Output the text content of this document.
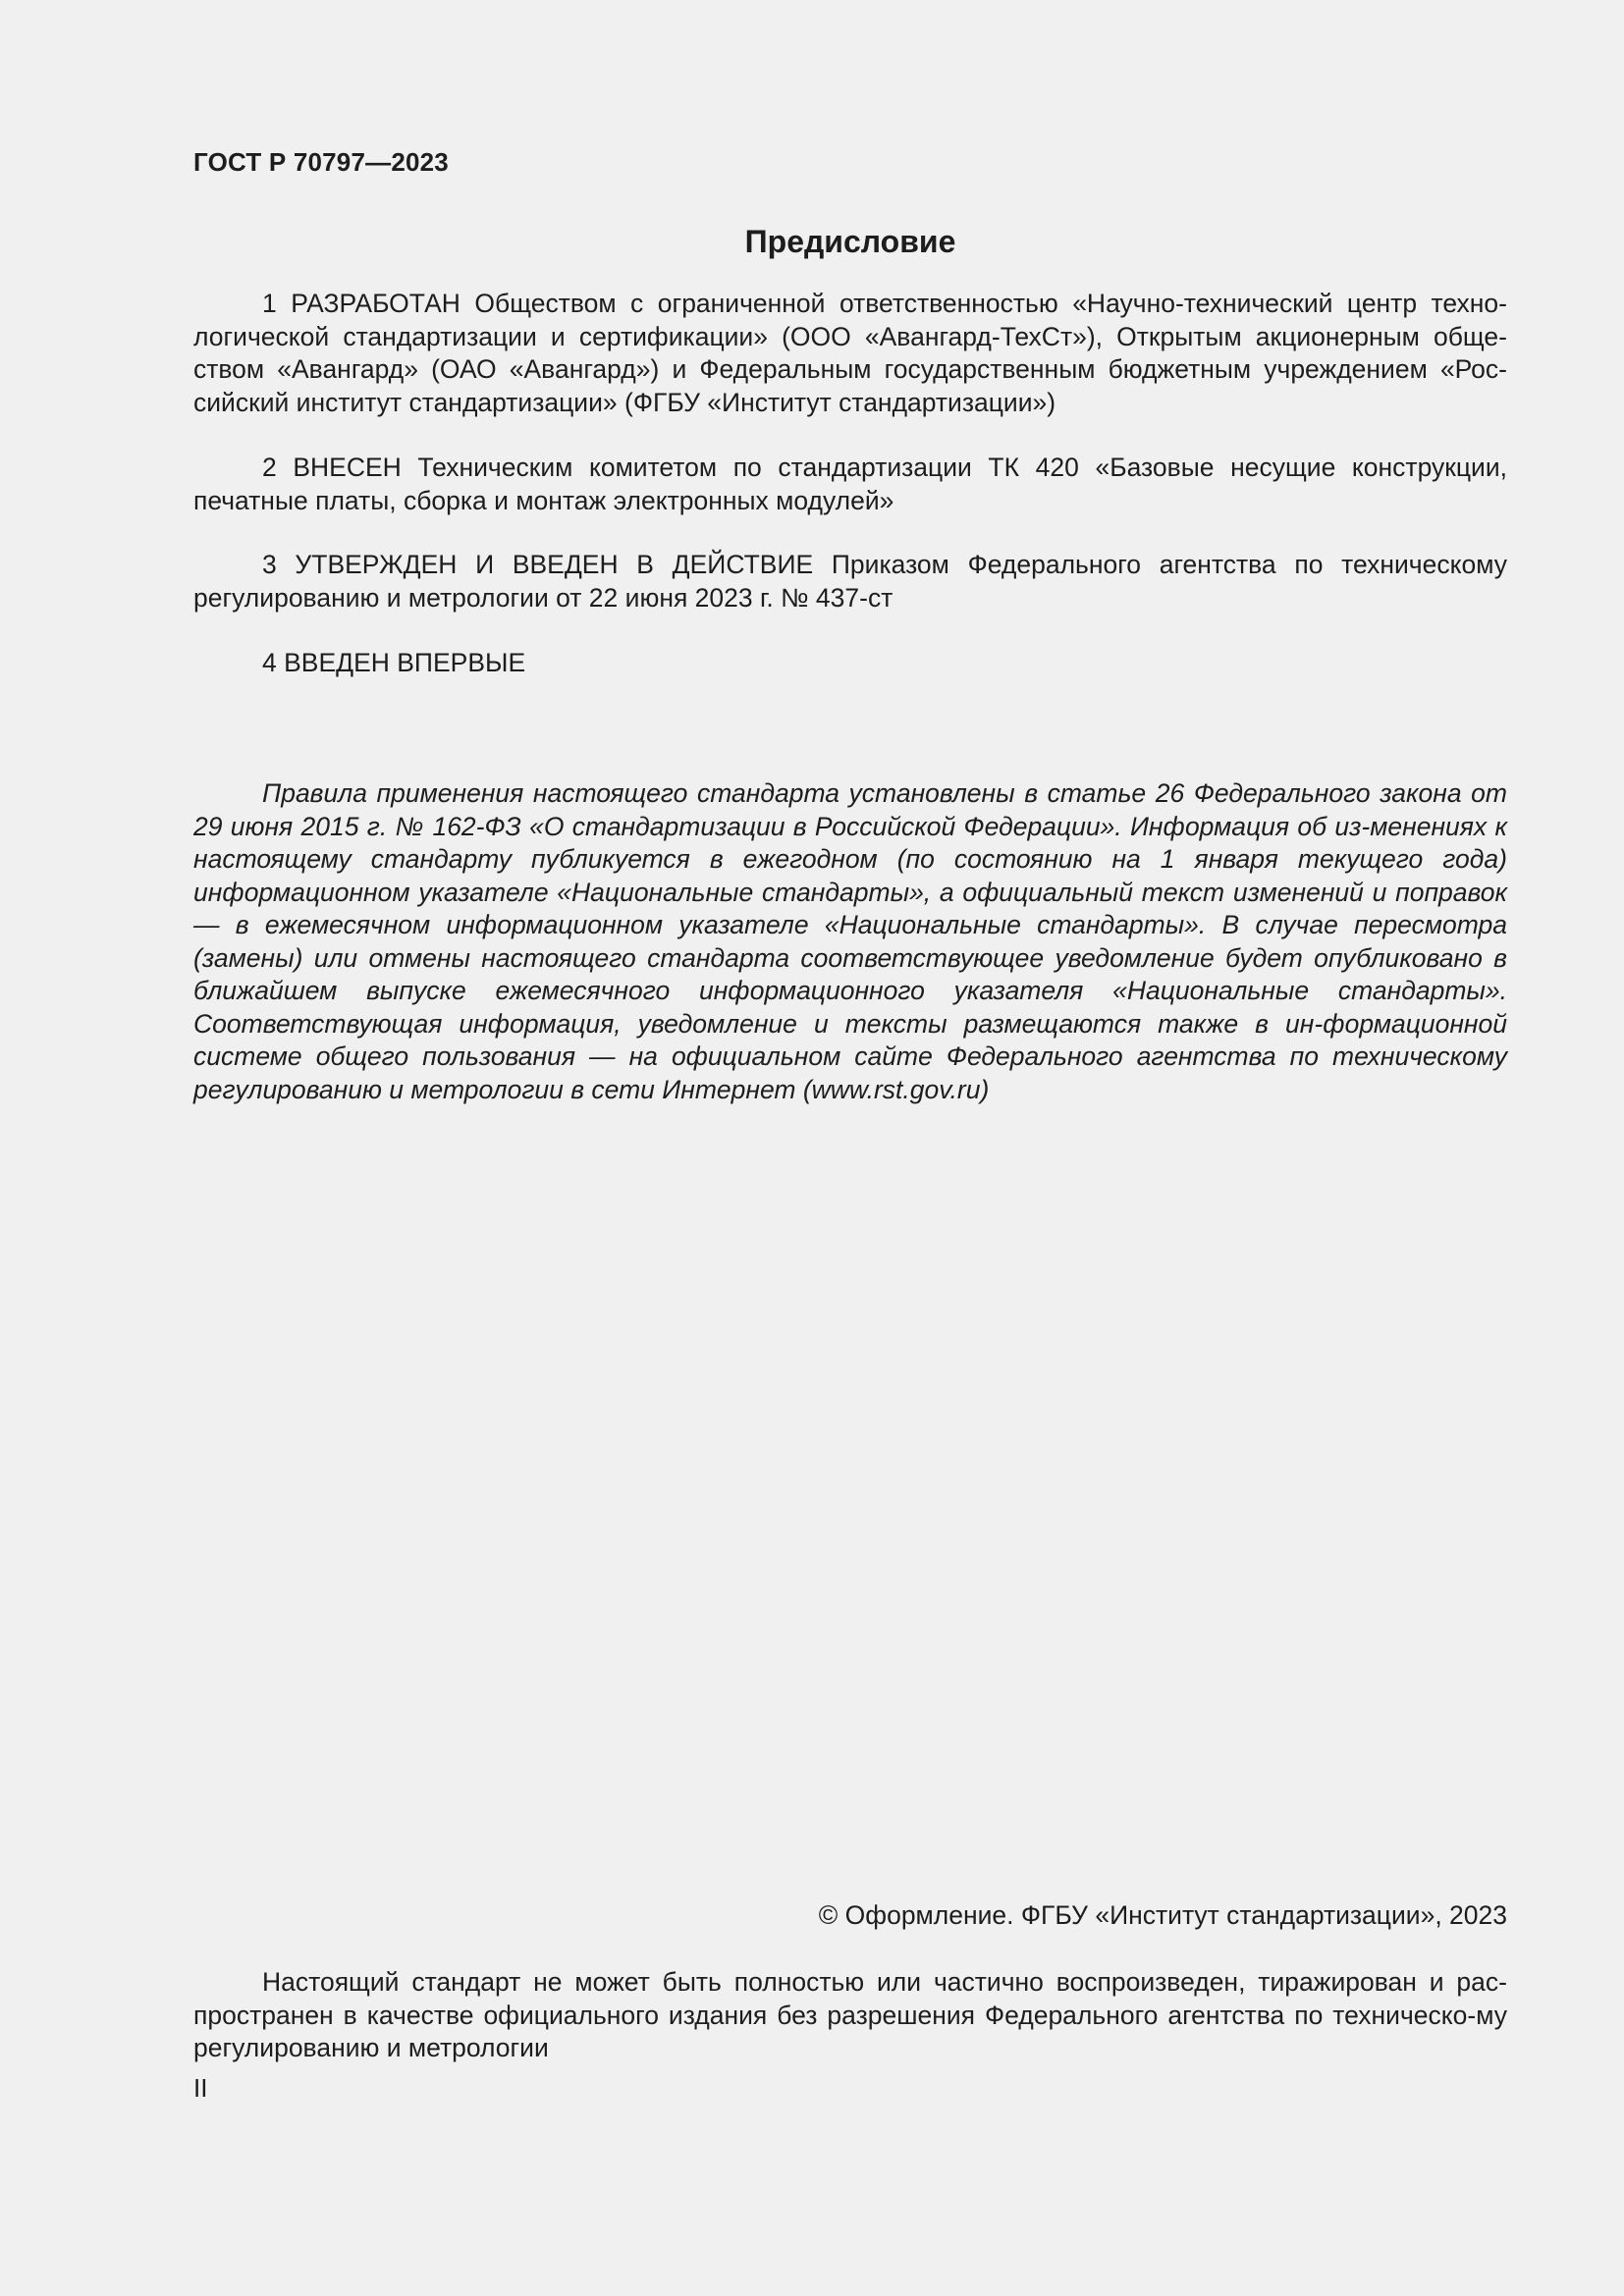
ГОСТ Р 70797—2023
Предисловие

1 РАЗРАБОТАН Обществом с ограниченной ответственностью «Научно-технический центр техно-логической стандартизации и сертификации» (ООО «Авангард-ТехСт»), Открытым акционерным обще-ством «Авангард» (ОАО «Авангард») и Федеральным государственным бюджетным учреждением «Рос-сийский институт стандартизации» (ФГБУ «Институт стандартизации»)

2 ВНЕСЕН Техническим комитетом по стандартизации ТК 420 «Базовые несущие конструкции, печатные платы, сборка и монтаж электронных модулей»

3 УТВЕРЖДЕН И ВВЕДЕН В ДЕЙСТВИЕ Приказом Федерального агентства по техническому регулированию и метрологии от 22 июня 2023 г. № 437-ст

4 ВВЕДЕН ВПЕРВЫЕ

Правила применения настоящего стандарта установлены в статье 26 Федерального закона от 29 июня 2015 г. № 162-ФЗ «О стандартизации в Российской Федерации». Информация об из-менениях к настоящему стандарту публикуется в ежегодном (по состоянию на 1 января текущего года) информационном указателе «Национальные стандарты», а официальный текст изменений и поправок — в ежемесячном информационном указателе «Национальные стандарты». В случае пересмотра (замены) или отмены настоящего стандарта соответствующее уведомление будет опубликовано в ближайшем выпуске ежемесячного информационного указателя «Национальные стандарты». Соответствующая информация, уведомление и тексты размещаются также в ин-формационной системе общего пользования — на официальном сайте Федерального агентства по техническому регулированию и метрологии в сети Интернет (www.rst.gov.ru)

© Оформление. ФГБУ «Институт стандартизации», 2023

Настоящий стандарт не может быть полностью или частично воспроизведен, тиражирован и рас-пространен в качестве официального издания без разрешения Федерального агентства по техническо-му регулированию и метрологии

II
